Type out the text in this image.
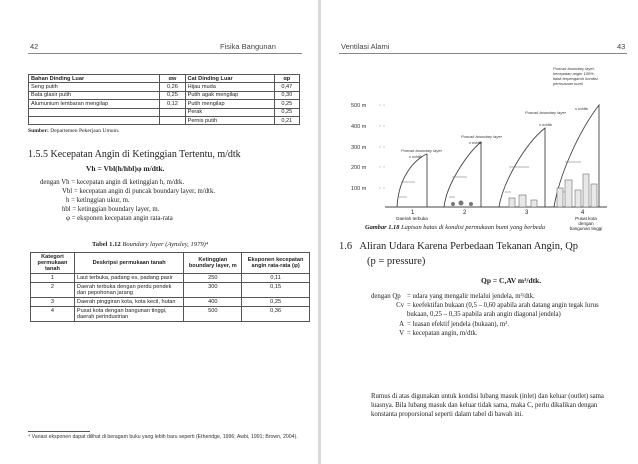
42	Fisika Bangunan
Bahan Dinding Luar	αw	Cat Dinding Luar	αp
Seng putih	0,26	Hijau muda	0,47
Bata glasir putih	0,25	Putih agak mengilap	0,30
Alumunium lembaran mengilap	0,12	Putih mengilap	0,25
		Perak	0,25
		Pernis putih	0,21
Sumber: Departemen Pekerjaan Umum.
1.5.5 Kecepatan Angin di Ketinggian Tertentu, m/dtk
Vh = Vbl(h/hbl)φ m/dtk.
dengan Vh = kecepatan angin di ketinggian h, m/dtk.
Vbl = kecepatan angin di puncak boundary layer, m/dtk.
h = ketinggian ukur, m.
hbl = ketinggian boundary layer, m.
φ = eksponen kecepatan angin rata-rata
Tabel 1.12 Boundary layer (Aynsley, 1979)⁴
Kategori permukaan tanah	Deskripsi permukaan tanah	Ketinggian boundary layer, m	Eksponen kecepatan angin rata-rata (φ)
1	Laut terbuka, padang es, padang pasir	250	0,11
2	Daerah terbuka dengan perdu pendek dan pepohonan jarang	300	0,15
3	Daerah pinggiran kota, kota kecil, hutan	400	0,25
4	Pusat kota dengan bangunan tinggi, daerah perindustrian	500	0,36
⁴ Variasi eksponen dapat dilihat di beragam buku yang lebih baru seperti (Etheridge, 1996; Awbi, 1991; Brown, 2004).
Ventilasi Alami	43
500 m
400 m
300 m
200 m
100 m
Puncak boundary layer, kecepatan angin 100%, tidak terpengaruh kondisi permukaan bumi
Puncak boundary layer
Puncak boundary layer
Puncak boundary layer
x m/dtk
x m/dtk
x m/dtk
x m/dtk
1	2	3	4
Daerah terbuka	Pusat kota dengan bangunan tinggi
Gambar 1.18 Lapisan batas di kondisi permukaan bumi yang berbeda
1.6 Aliran Udara Karena Perbedaan Tekanan Angin, Qp
(p = pressure)
Qp = C,AV m³/dtk.
dengan Qp = udara yang mengalir melalui jendela, m³/dtk.
Cv = keefektifan bukaan (0,5 – 0,60 apabila arah datang angin tegak lurus bukaan, 0,25 – 0,35 apabila arah angin diagonal jendela)
A = luasan efektif jendela (bukaan), m².
V = kecepatan angin, m/dtk.
Rumus di atas digunakan untuk kondisi lubang masuk (inlet) dan keluar (outlet) sama luasnya. Bila lubang masuk dan keluar tidak sama, maka C, perlu dikalikan dengan konstanta proporsional seperti dalam tabel di bawah ini.
